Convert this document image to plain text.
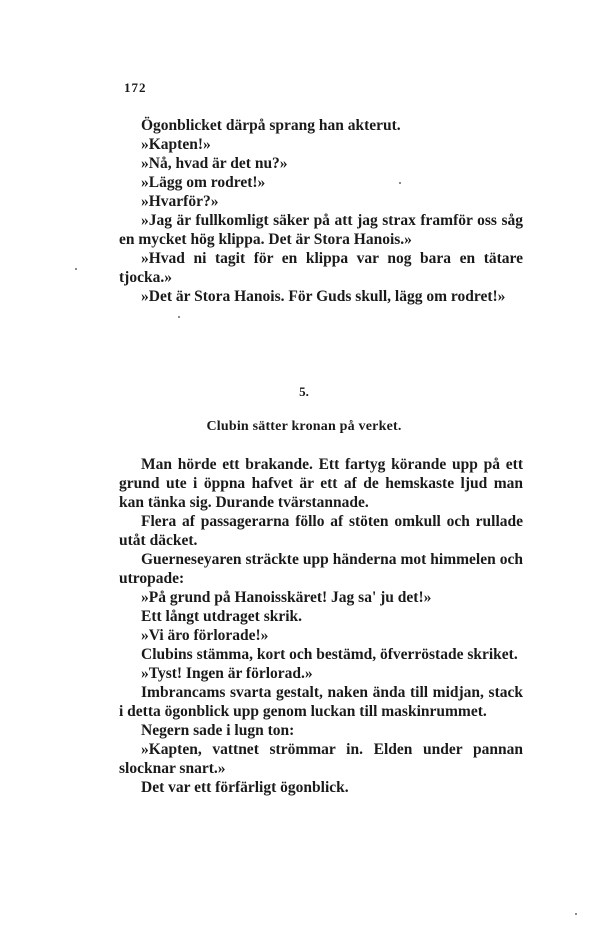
172

Ögonblicket därpå sprang han akterut.

»Kapten!»

»Nå, hvad är det nu?»

»Lägg om rodret!»

»Hvarför?»

»Jag är fullkomligt säker på att jag strax framför oss såg en mycket hög klippa. Det är Stora Hanois.»

»Hvad ni tagit för en klippa var nog bara en tätare tjocka.»

»Det är Stora Hanois. För Guds skull, lägg om rodret!»

5.
Clubin sätter kronan på verket.

Man hörde ett brakande. Ett fartyg körande upp på ett grund ute i öppna hafvet är ett af de hemskaste ljud man kan tänka sig. Durande tvärstannade.

Flera af passagerarna föllo af stöten omkull och rullade utåt däcket.

Guerneseyaren sträckte upp händerna mot himmelen och utropade:

»På grund på Hanoisskäret! Jag sa' ju det!»

Ett långt utdraget skrik.

»Vi äro förlorade!»

Clubins stämma, kort och bestämd, öfverröstade skriket.

»Tyst! Ingen är förlorad.»

Imbrancams svarta gestalt, naken ända till midjan, stack i detta ögonblick upp genom luckan till maskinrummet.

Negern sade i lugn ton:

»Kapten, vattnet strömmar in. Elden under pannan slocknar snart.»

Det var ett förfärligt ögonblick.
